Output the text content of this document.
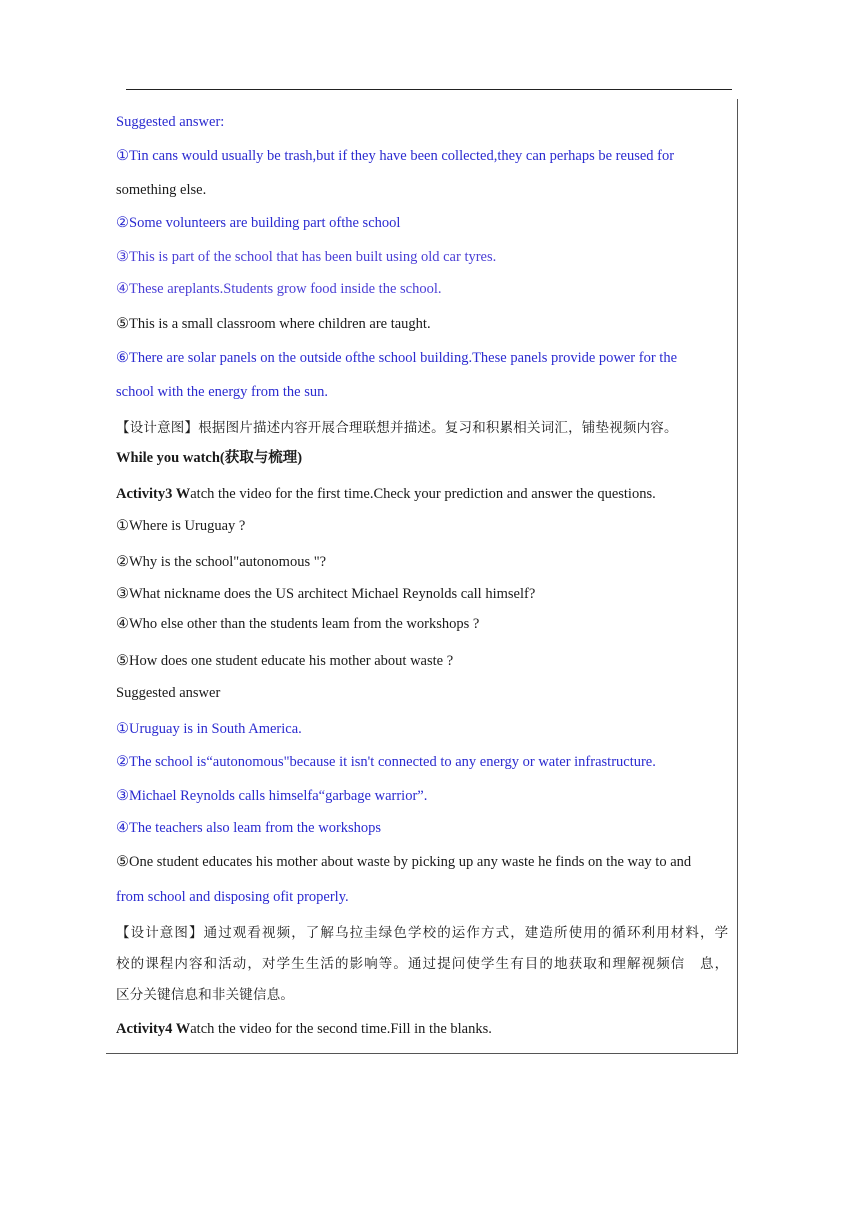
Suggested answer:
①Tin cans would usually be trash,but if they have been collected,they can perhaps be reused for
something else.
②Some volunteers are building part ofthe school
③This is part of the school that has been built using old car tyres.
④These areplants.Students grow food inside the school.
⑤This is a small classroom where children are taught.
⑥There are solar panels on the outside ofthe school building.These panels provide power for the
school with the energy from the sun.
【设计意图】根据图片描述内容开展合理联想并描述。复习和积累相关词汇，铺垫视频内容。
While you watch(获取与梳理)
Activity3 Watch the video for the first time.Check your prediction and answer the questions.
①Where is Uruguay ?
②Why is the school"autonomous "?
③What nickname does the US architect Michael Reynolds call himself?
④Who else other than the students leam from the workshops ?
⑤How does one student educate his mother about waste ?
Suggested answer
①Uruguay is in South America.
②The school is“autonomous"because it isn't connected to any energy or water infrastructure.
③Michael Reynolds calls himselfa“garbage warrior”.
④The teachers also leam from the workshops
⑤One student educates his mother about waste by picking up any waste he finds on the way to and
from school and disposing ofit properly.
【设计意图】通过观看视频，了解乌拉圭绿色学校的运作方式，建造所使用的循环利用材料，学
校的课程内容和活动，对学生生活的影响等。通过提问使学生有目的地获取和理解视频信　息，
区分关键信息和非关键信息。
Activity4 Watch the video for the second time.Fill in the blanks.
